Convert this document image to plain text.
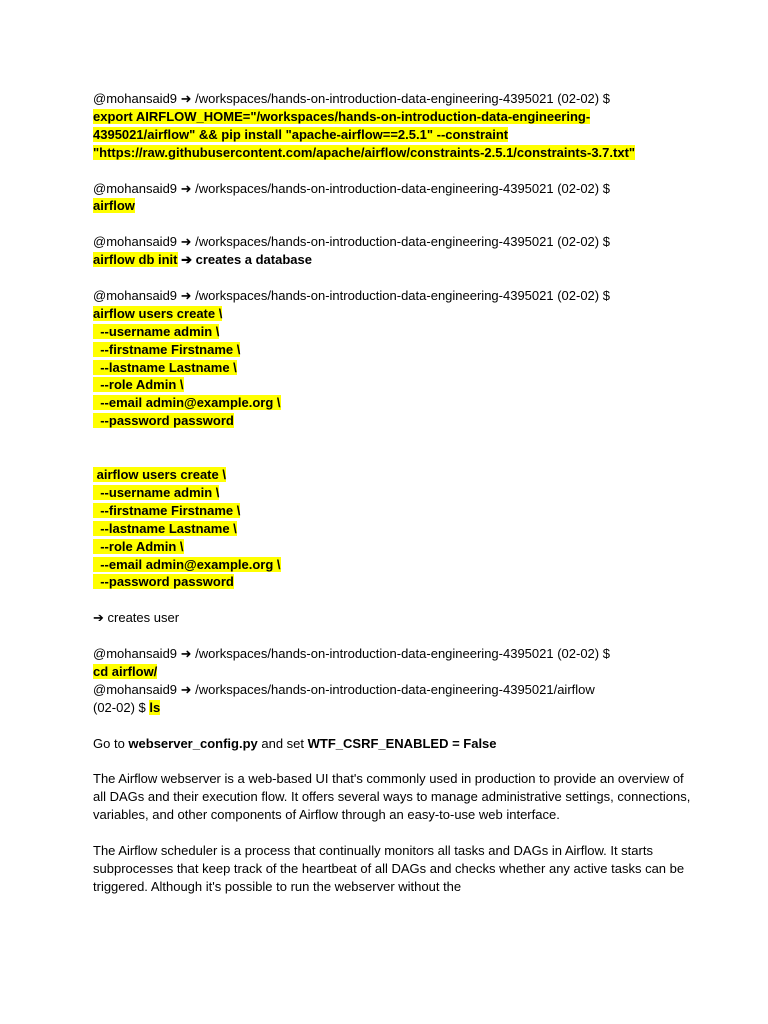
@mohansaid9 ➜ /workspaces/hands-on-introduction-data-engineering-4395021 (02-02) $
export AIRFLOW_HOME="/workspaces/hands-on-introduction-data-engineering-
4395021/airflow" && pip install "apache-airflow==2.5.1" --constraint
"https://raw.githubusercontent.com/apache/airflow/constraints-2.5.1/constraints-3.7.txt"
@mohansaid9 ➜ /workspaces/hands-on-introduction-data-engineering-4395021 (02-02) $
airflow
@mohansaid9 ➜ /workspaces/hands-on-introduction-data-engineering-4395021 (02-02) $
airflow db init ➔ creates a database
@mohansaid9 ➜ /workspaces/hands-on-introduction-data-engineering-4395021 (02-02) $
airflow users create \
--username admin \
--firstname Firstname \
--lastname Lastname \
--role Admin \
--email admin@example.org \
--password password
airflow users create \
--username admin \
--firstname Firstname \
--lastname Lastname \
--role Admin \
--email admin@example.org \
--password password
➔ creates user
@mohansaid9 ➜ /workspaces/hands-on-introduction-data-engineering-4395021 (02-02) $
cd airflow/
@mohansaid9 ➜ /workspaces/hands-on-introduction-data-engineering-4395021/airflow
(02-02) $ ls
Go to webserver_config.py and set WTF_CSRF_ENABLED = False

The Airflow webserver is a web-based UI that's commonly used in production to provide an overview of all DAGs and their execution flow. It offers several ways to manage administrative settings, connections, variables, and other components of Airflow through an easy-to-use web interface.

The Airflow scheduler is a process that continually monitors all tasks and DAGs in Airflow. It starts subprocesses that keep track of the heartbeat of all DAGs and checks whether any active tasks can be triggered. Although it's possible to run the webserver without the
